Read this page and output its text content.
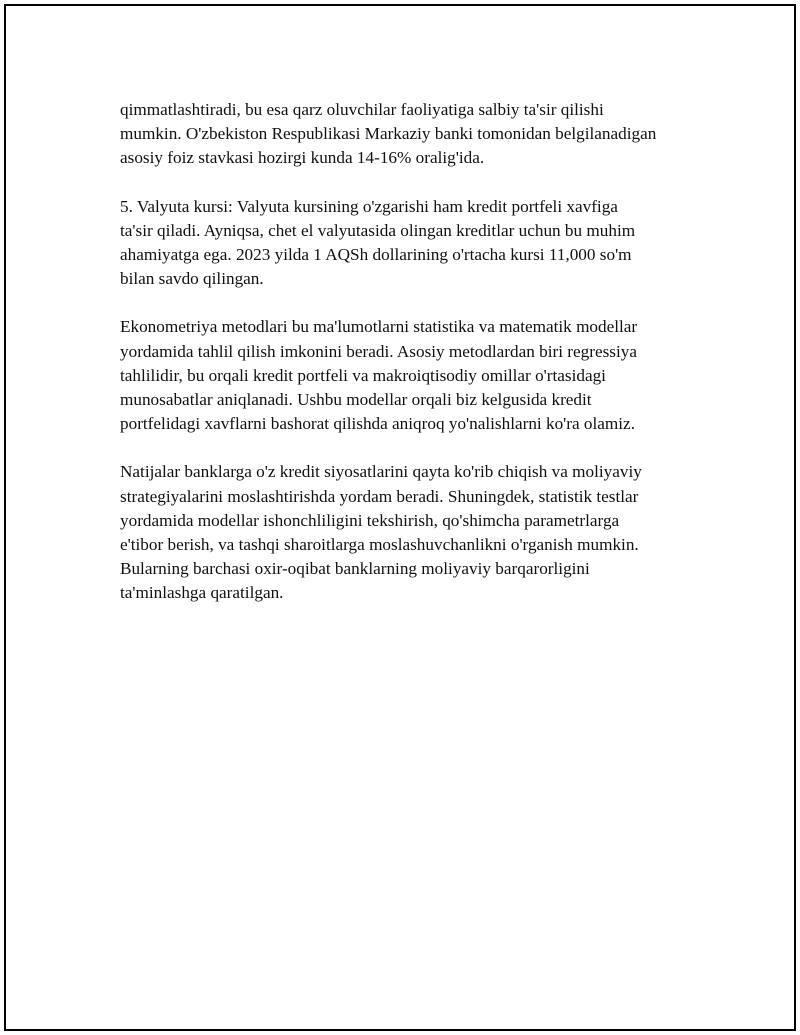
qimmatlashtiradi, bu esa qarz oluvchilar faoliyatiga salbiy ta'sir qilishi
mumkin. O'zbekiston Respublikasi Markaziy banki tomonidan belgilanadigan
asosiy foiz stavkasi hozirgi kunda 14-16% oralig'ida.

5. Valyuta kursi: Valyuta kursining o'zgarishi ham kredit portfeli xavfiga
ta'sir qiladi. Ayniqsa, chet el valyutasida olingan kreditlar uchun bu muhim
ahamiyatga ega. 2023 yilda 1 AQSh dollarining o'rtacha kursi 11,000 so'm
bilan savdo qilingan.

Ekonometriya metodlari bu ma'lumotlarni statistika va matematik modellar
yordamida tahlil qilish imkonini beradi. Asosiy metodlardan biri regressiya
tahlilidir, bu orqali kredit portfeli va makroiqtisodiy omillar o'rtasidagi
munosabatlar aniqlanadi. Ushbu modellar orqali biz kelgusida kredit
portfelidagi xavflarni bashorat qilishda aniqroq yo'nalishlarni ko'ra olamiz.

Natijalar banklarga o'z kredit siyosatlarini qayta ko'rib chiqish va moliyaviy
strategiyalarini moslashtirishda yordam beradi. Shuningdek, statistik testlar
yordamida modellar ishonchliligini tekshirish, qo'shimcha parametrlarga
e'tibor berish, va tashqi sharoitlarga moslashuvchanlikni o'rganish mumkin.
Bularning barchasi oxir-oqibat banklarning moliyaviy barqarorligini
ta'minlashga qaratilgan.
